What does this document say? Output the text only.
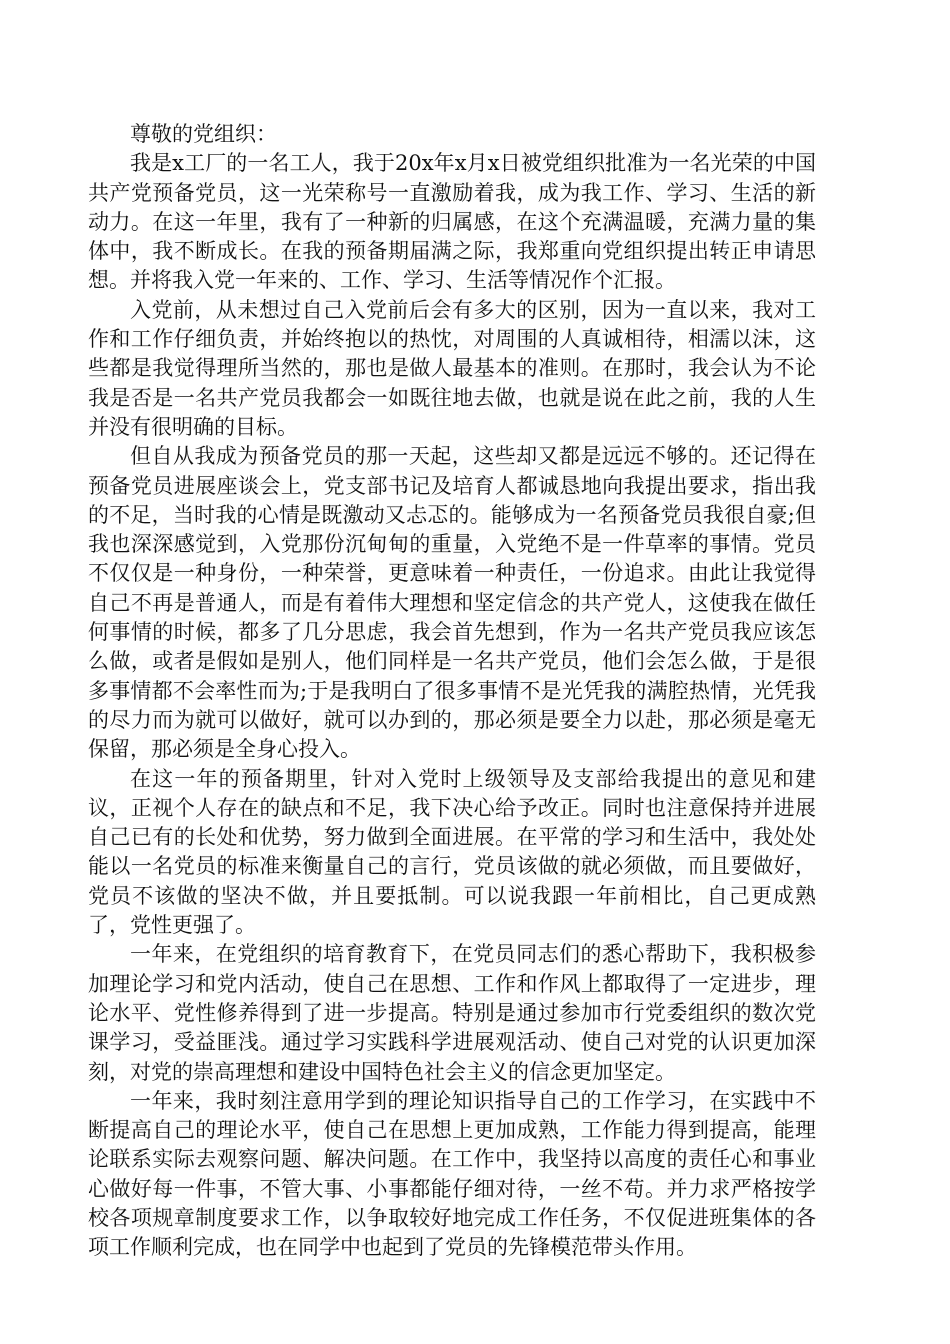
尊敬的党组织：

我是x工厂的一名工人，我于20x年x月x日被党组织批准为一名光荣的中国共产党预备党员，这一光荣称号一直激励着我，成为我工作、学习、生活的新动力。在这一年里，我有了一种新的归属感，在这个充满温暖，充满力量的集体中，我不断成长。在我的预备期届满之际，我郑重向党组织提出转正申请思想。并将我入党一年来的、工作、学习、生活等情况作个汇报。

入党前，从未想过自己入党前后会有多大的区别，因为一直以来，我对工作和工作仔细负责，并始终抱以的热忱，对周围的人真诚相待，相濡以沫，这些都是我觉得理所当然的，那也是做人最基本的准则。在那时，我会认为不论我是否是一名共产党员我都会一如既往地去做，也就是说在此之前，我的人生并没有很明确的目标。

但自从我成为预备党员的那一天起，这些却又都是远远不够的。还记得在预备党员进展座谈会上，党支部书记及培育人都诚恳地向我提出要求，指出我的不足，当时我的心情是既激动又忐忑的。能够成为一名预备党员我很自豪;但我也深深感觉到，入党那份沉甸甸的重量，入党绝不是一件草率的事情。党员不仅仅是一种身份，一种荣誉，更意味着一种责任，一份追求。由此让我觉得自己不再是普通人，而是有着伟大理想和坚定信念的共产党人，这使我在做任何事情的时候，都多了几分思虑，我会首先想到，作为一名共产党员我应该怎么做，或者是假如是别人，他们同样是一名共产党员，他们会怎么做，于是很多事情都不会率性而为;于是我明白了很多事情不是光凭我的满腔热情，光凭我的尽力而为就可以做好，就可以办到的，那必须是要全力以赴，那必须是毫无保留，那必须是全身心投入。

在这一年的预备期里，针对入党时上级领导及支部给我提出的意见和建议，正视个人存在的缺点和不足，我下决心给予改正。同时也注意保持并进展自己已有的长处和优势，努力做到全面进展。在平常的学习和生活中，我处处能以一名党员的标准来衡量自己的言行，党员该做的就必须做，而且要做好，党员不该做的坚决不做，并且要抵制。可以说我跟一年前相比，自己更成熟了，党性更强了。

一年来，在党组织的培育教育下，在党员同志们的悉心帮助下，我积极参加理论学习和党内活动，使自己在思想、工作和作风上都取得了一定进步，理论水平、党性修养得到了进一步提高。特别是通过参加市行党委组织的数次党课学习，受益匪浅。通过学习实践科学进展观活动、使自己对党的认识更加深刻，对党的崇高理想和建设中国特色社会主义的信念更加坚定。

一年来，我时刻注意用学到的理论知识指导自己的工作学习，在实践中不断提高自己的理论水平，使自己在思想上更加成熟，工作能力得到提高，能理论联系实际去观察问题、解决问题。在工作中，我坚持以高度的责任心和事业心做好每一件事，不管大事、小事都能仔细对待，一丝不苟。并力求严格按学校各项规章制度要求工作，以争取较好地完成工作任务，不仅促进班集体的各项工作顺利完成，也在同学中也起到了党员的先锋模范带头作用。
